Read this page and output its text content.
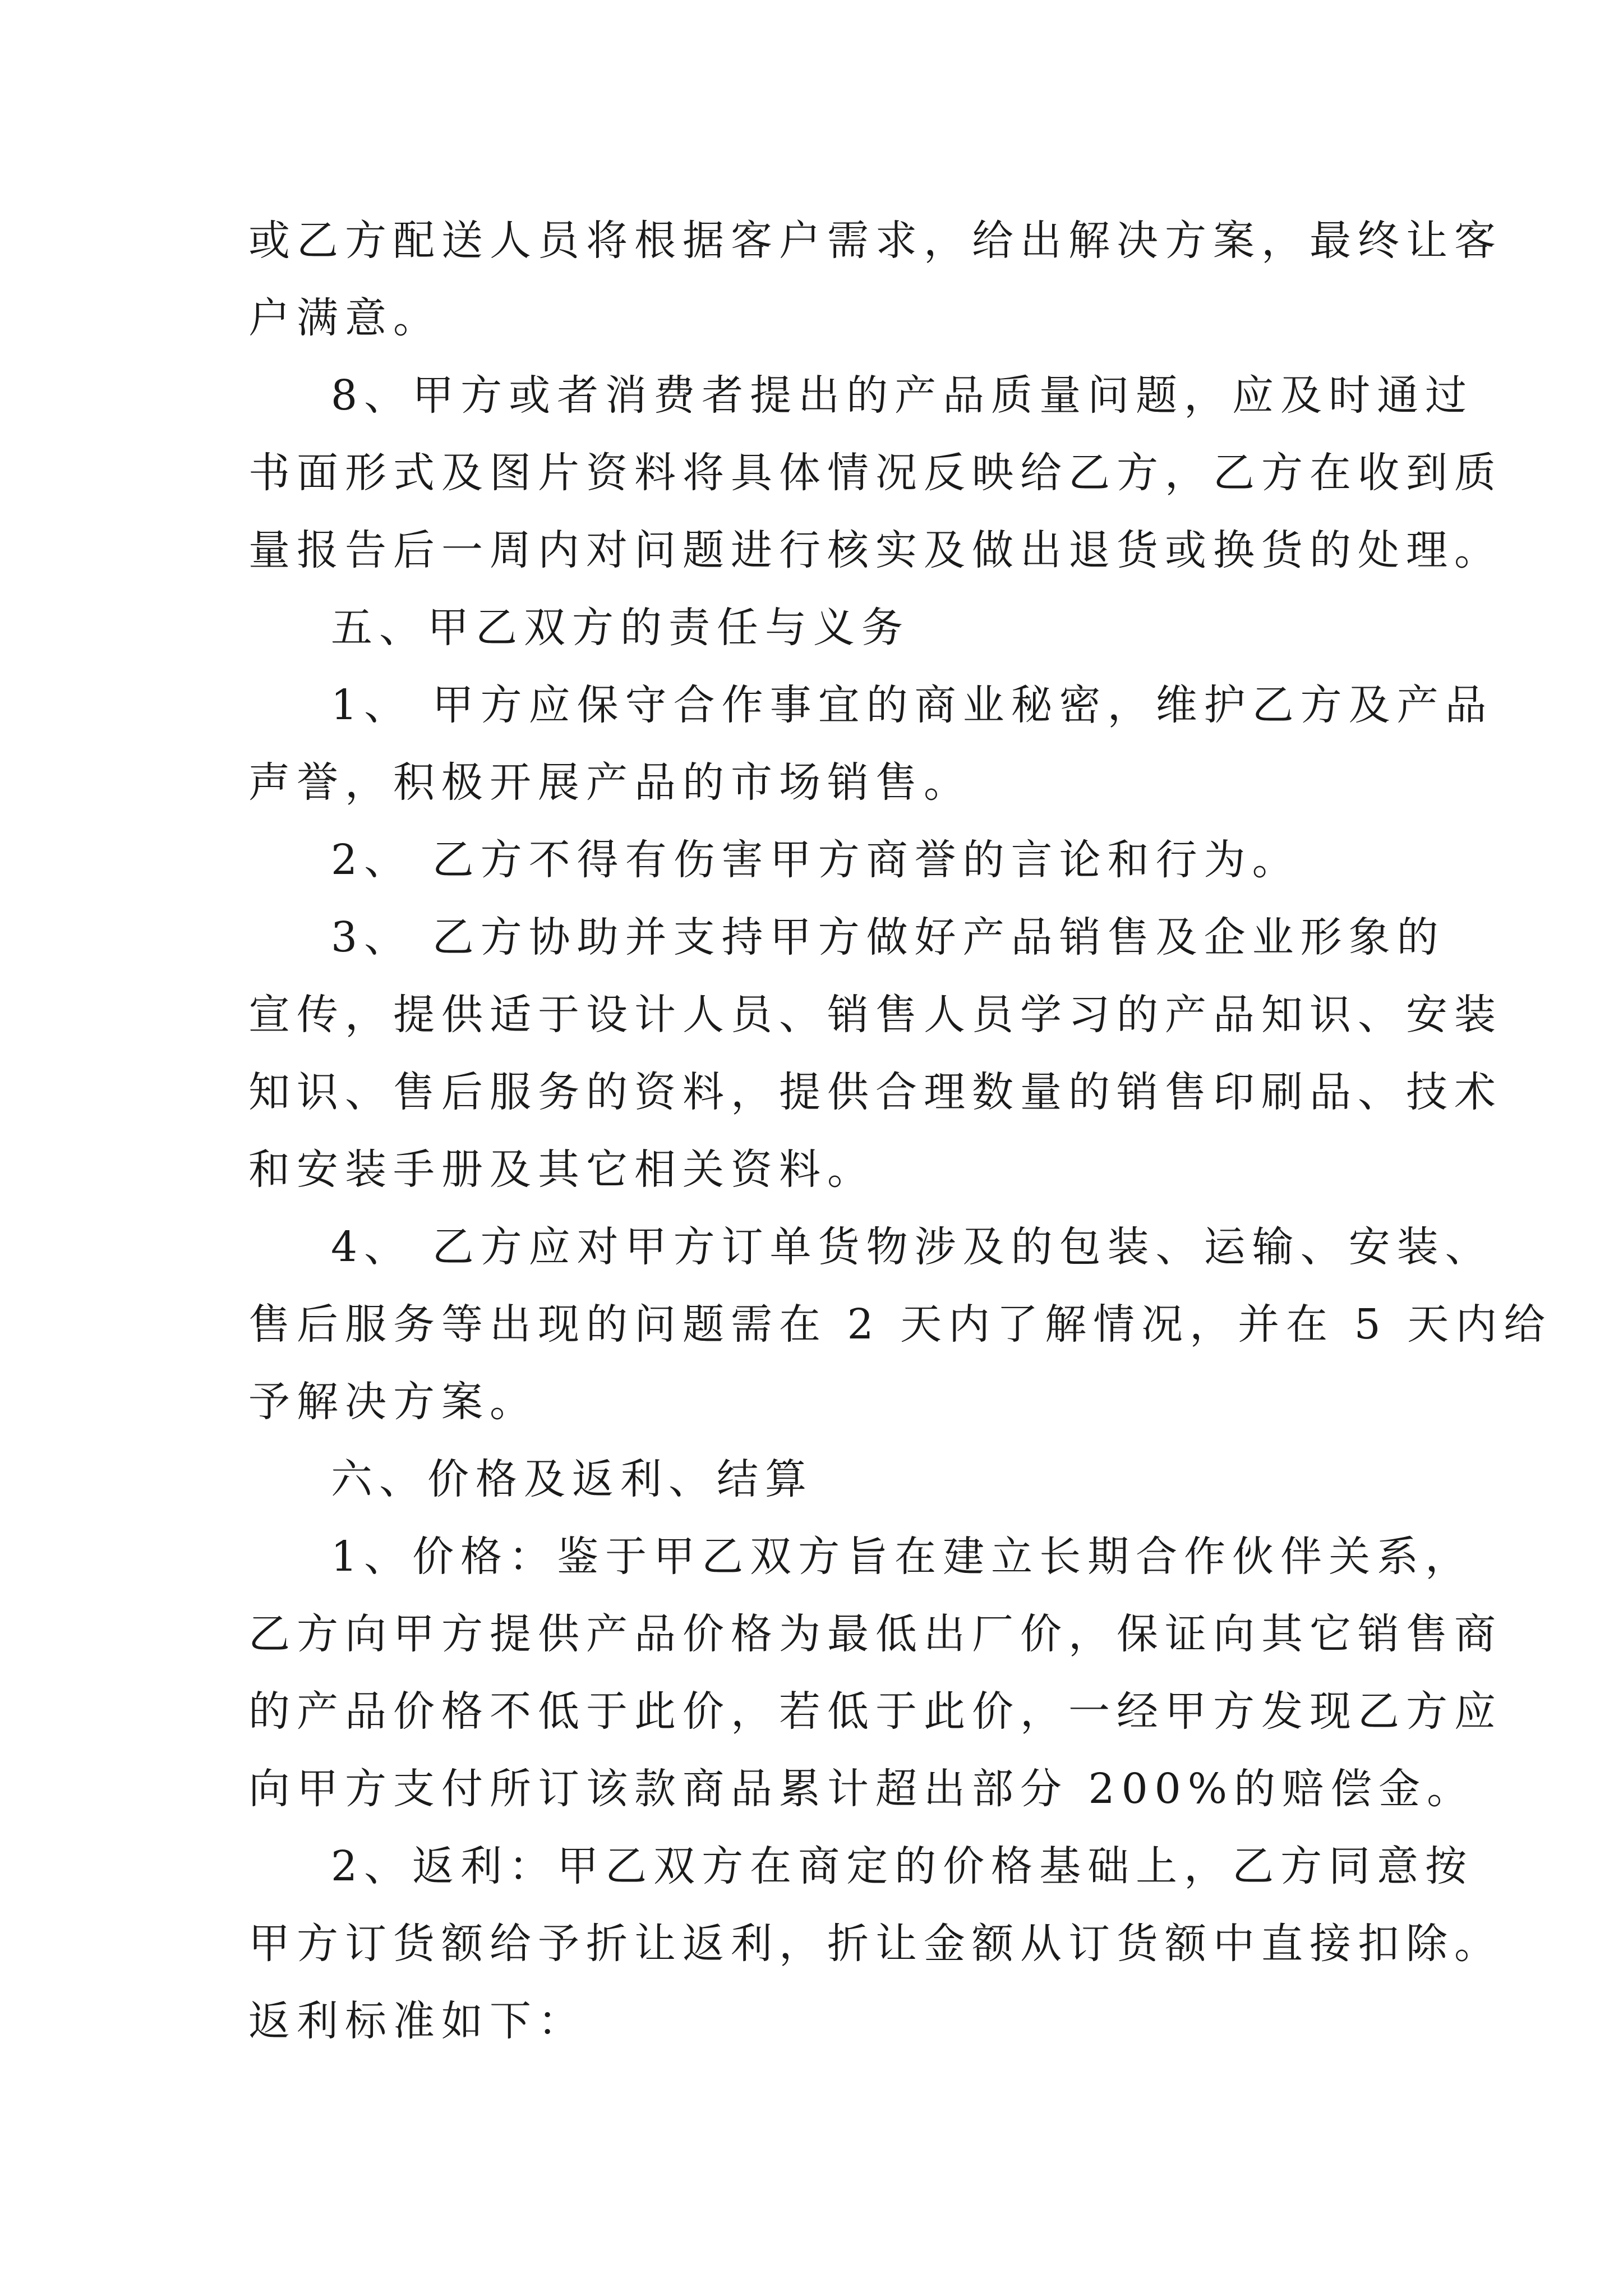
或乙方配送人员将根据客户需求，给出解决方案，最终让客
户满意。
8、甲方或者消费者提出的产品质量问题，应及时通过
书面形式及图片资料将具体情况反映给乙方，乙方在收到质
量报告后一周内对问题进行核实及做出退货或换货的处理。
五、甲乙双方的责任与义务
1、 甲方应保守合作事宜的商业秘密，维护乙方及产品
声誉，积极开展产品的市场销售。
2、 乙方不得有伤害甲方商誉的言论和行为。
3、 乙方协助并支持甲方做好产品销售及企业形象的
宣传，提供适于设计人员、销售人员学习的产品知识、安装
知识、售后服务的资料，提供合理数量的销售印刷品、技术
和安装手册及其它相关资料。
4、 乙方应对甲方订单货物涉及的包装、运输、安装、
售后服务等出现的问题需在 2 天内了解情况，并在 5 天内给
予解决方案。
六、价格及返利、结算
1、价格：鉴于甲乙双方旨在建立长期合作伙伴关系，
乙方向甲方提供产品价格为最低出厂价，保证向其它销售商
的产品价格不低于此价，若低于此价，一经甲方发现乙方应
向甲方支付所订该款商品累计超出部分 200%的赔偿金。
2、返利：甲乙双方在商定的价格基础上，乙方同意按
甲方订货额给予折让返利，折让金额从订货额中直接扣除。
返利标准如下：
